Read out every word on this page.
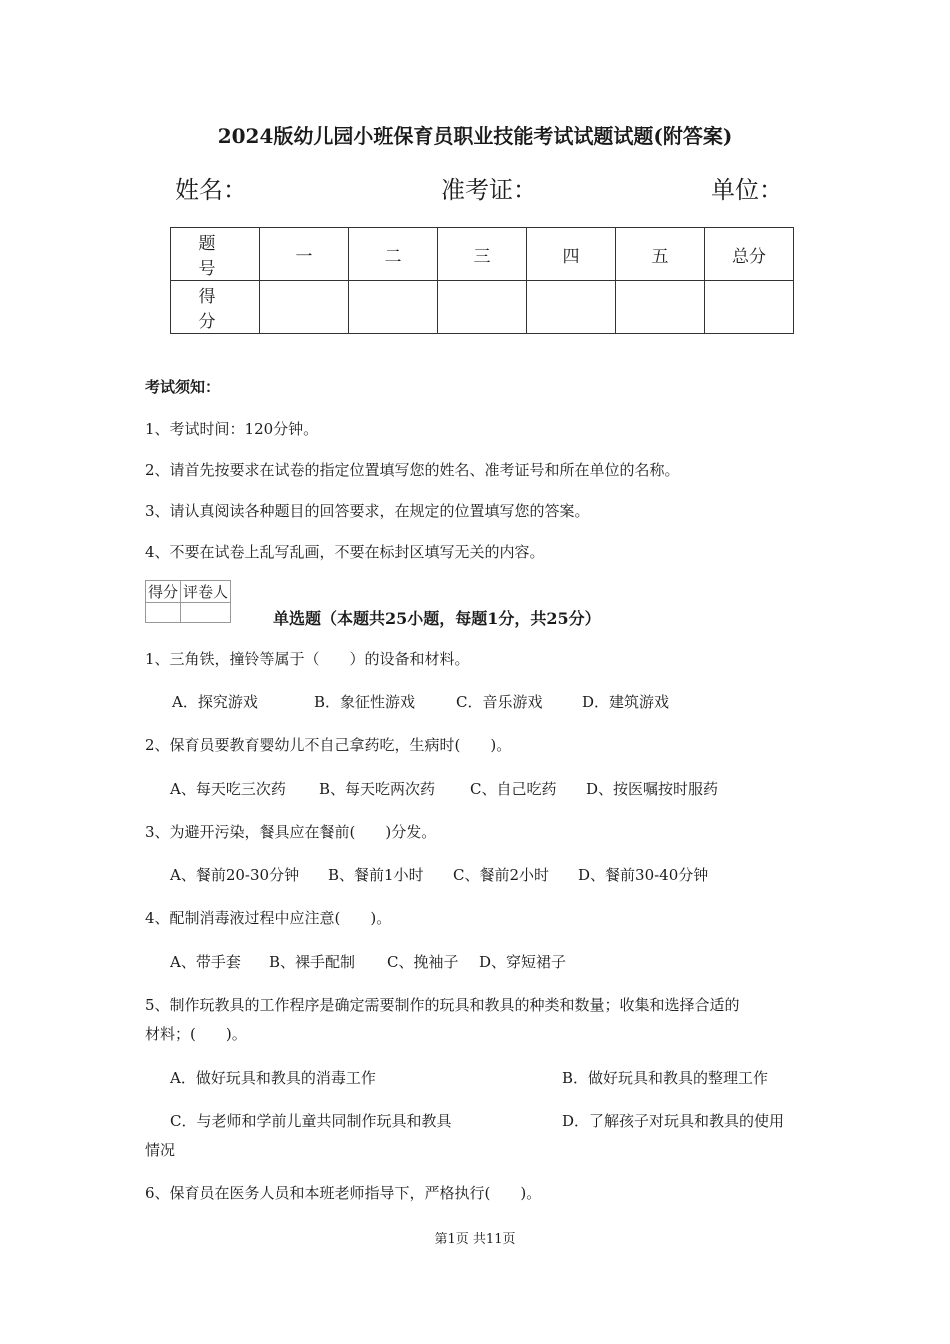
2024版幼儿园小班保育员职业技能考试试题试题(附答案)
姓名：	准考证：	单位：
题　号	一	二	三	四	五	总分
得　分						
考试须知：
1、考试时间：120分钟。
2、请首先按要求在试卷的指定位置填写您的姓名、准考证号和所在单位的名称。
3、请认真阅读各种题目的回答要求，在规定的位置填写您的答案。
4、不要在试卷上乱写乱画，不要在标封区填写无关的内容。
得分	评卷人

单选题（本题共25小题，每题1分，共25分）
1、三角铁，撞铃等属于（　　）的设备和材料。
A．探究游戏	B．象征性游戏	C．音乐游戏	D．建筑游戏
2、保育员要教育婴幼儿不自己拿药吃，生病时(　　)。
A、每天吃三次药 B、每天吃两次药 C、自己吃药 D、按医嘱按时服药
3、为避开污染，餐具应在餐前(　　)分发。
A、餐前20-30分钟 B、餐前1小时 C、餐前2小时 D、餐前30-40分钟
4、配制消毒液过程中应注意(　　)。
A、带手套 B、裸手配制 C、挽袖子 D、穿短裙子
5、制作玩教具的工作程序是确定需要制作的玩具和教具的种类和数量；收集和选择合适的
材料；(　　)。
A．做好玩具和教具的消毒工作	B．做好玩具和教具的整理工作
C．与老师和学前儿童共同制作玩具和教具	D．了解孩子对玩具和教具的使用
情况
6、保育员在医务人员和本班老师指导下，严格执行(　　)。
第1页 共11页
